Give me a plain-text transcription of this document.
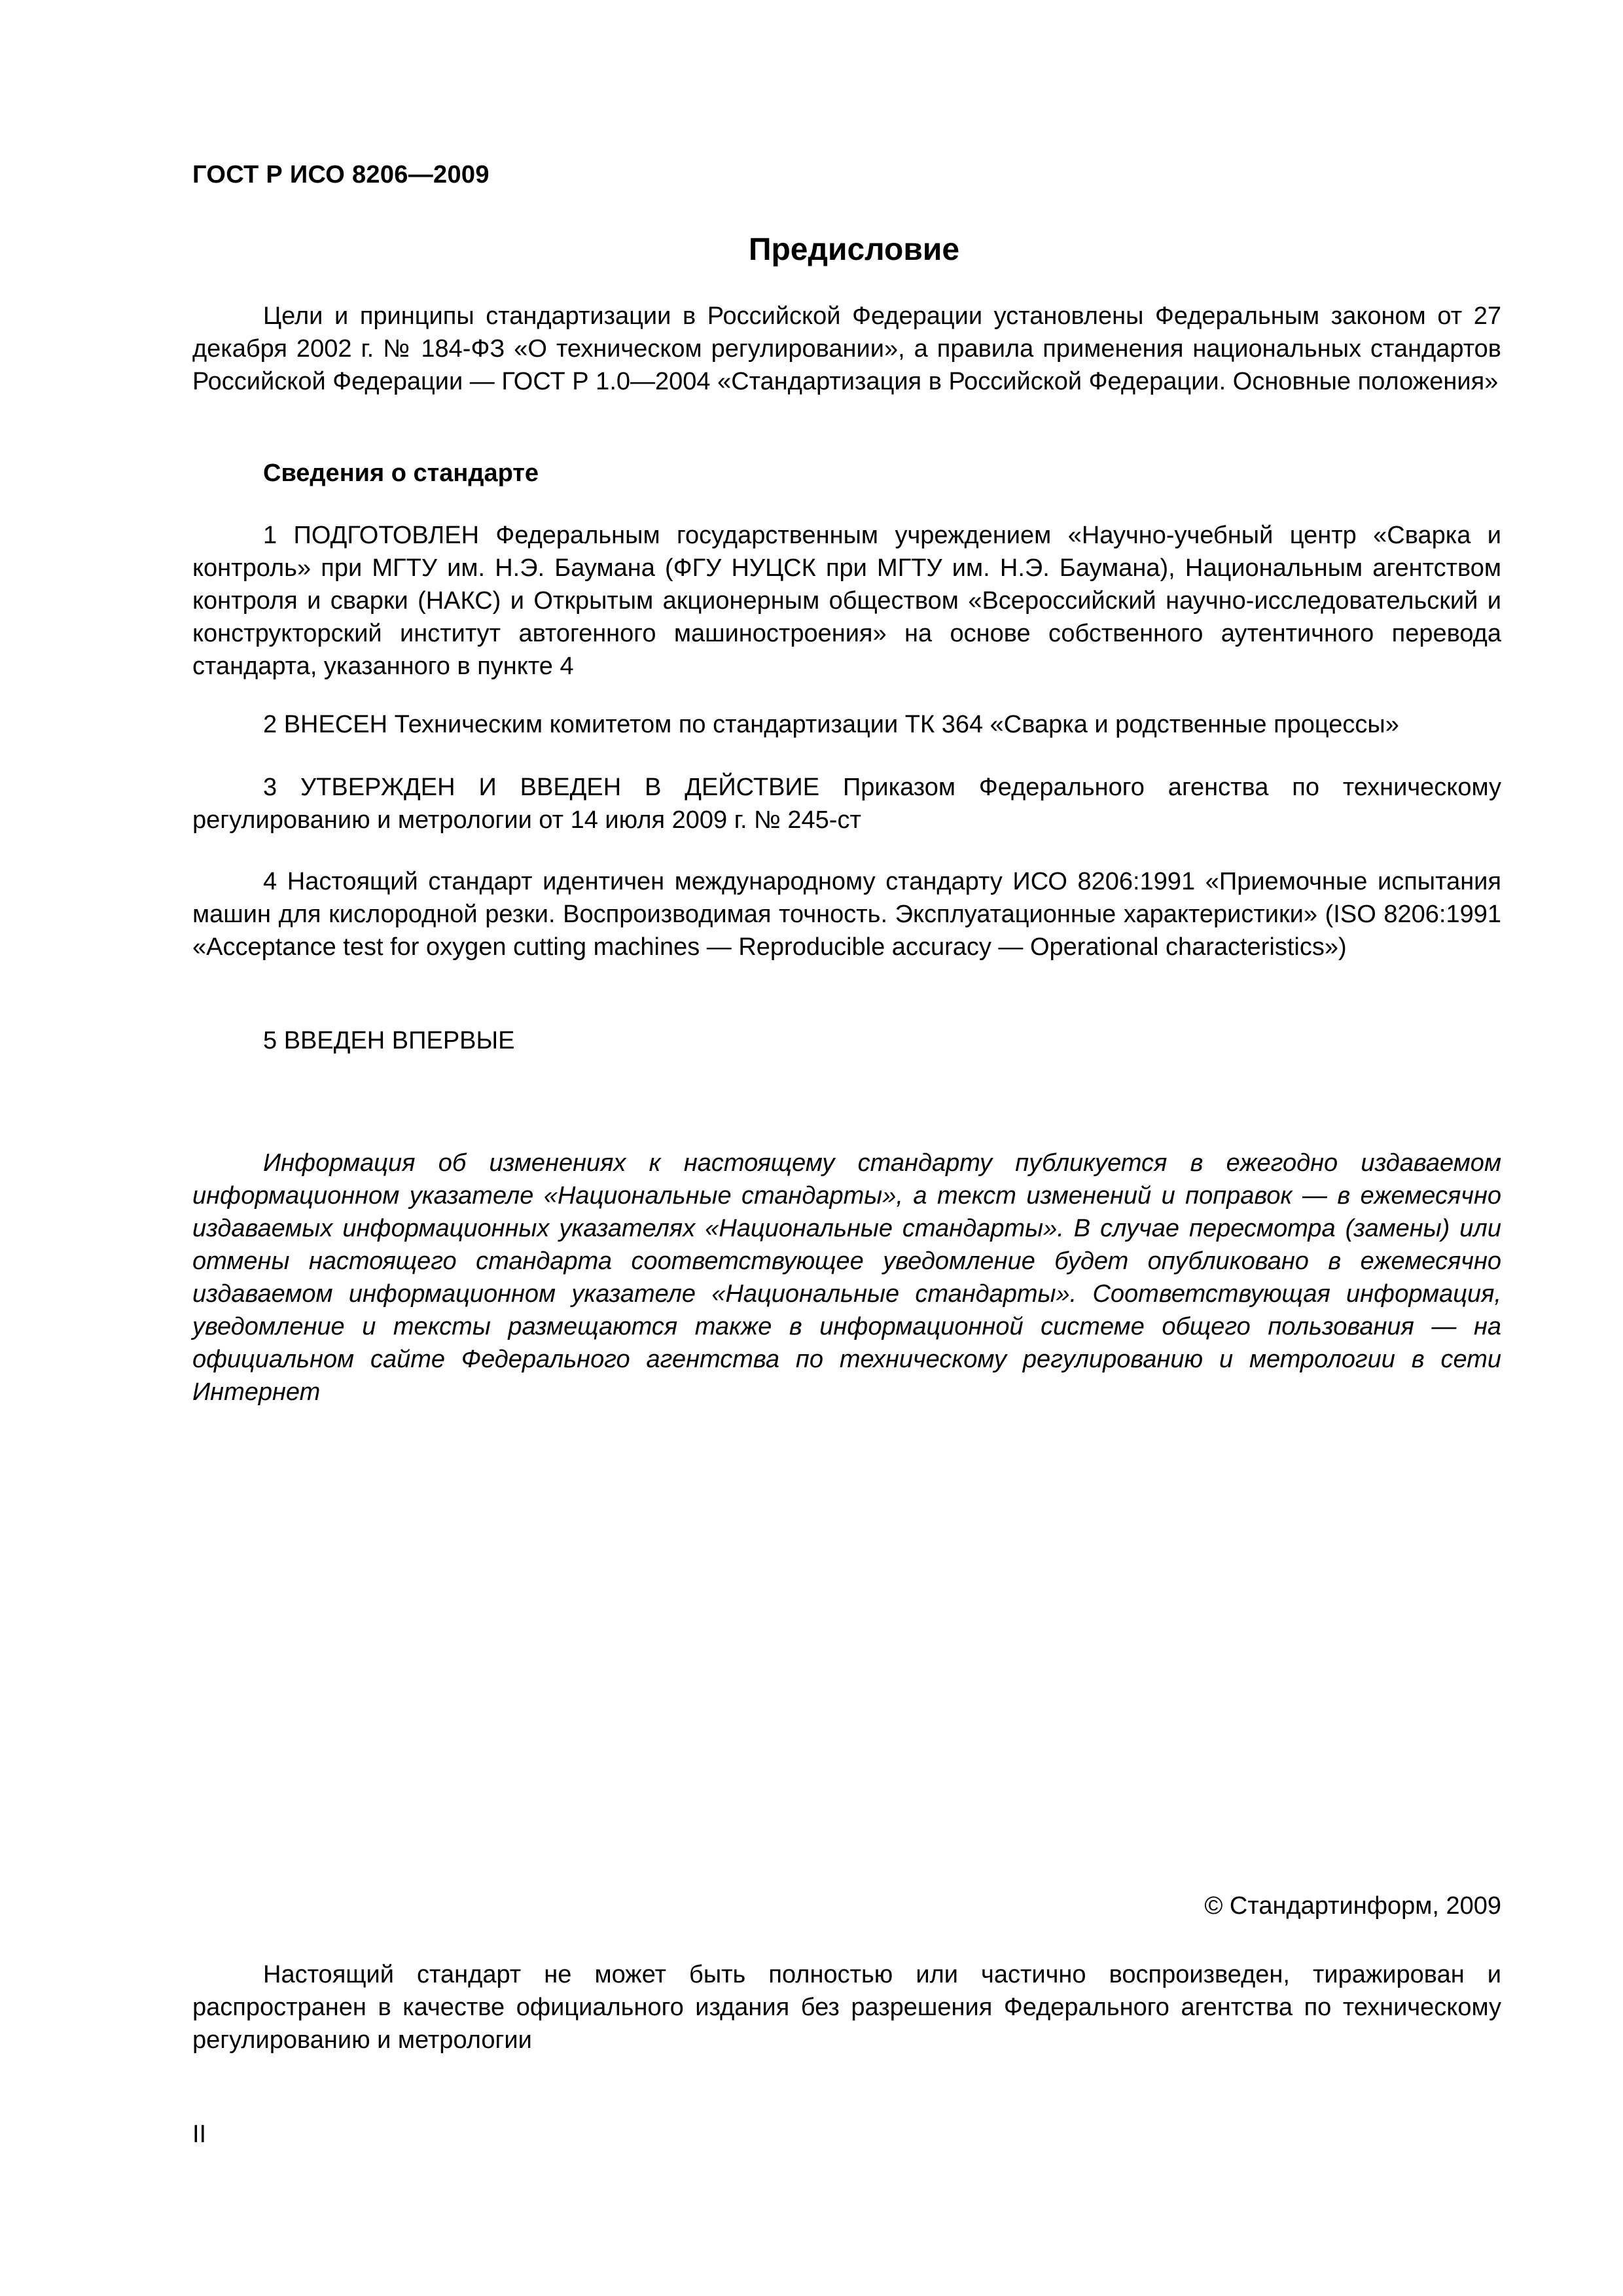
ГОСТ Р ИСО 8206—2009
Предисловие

Цели и принципы стандартизации в Российской Федерации установлены Федеральным законом от 27 декабря 2002 г. № 184-ФЗ «О техническом регулировании», а правила применения национальных стандартов Российской Федерации — ГОСТ Р 1.0—2004 «Стандартизация в Российской Федерации. Основные положения»

Сведения о стандарте

1 ПОДГОТОВЛЕН Федеральным государственным учреждением «Научно-учебный центр «Сварка и контроль» при МГТУ им. Н.Э. Баумана (ФГУ НУЦСК при МГТУ им. Н.Э. Баумана), Национальным агентством контроля и сварки (НАКС) и Открытым акционерным обществом «Всероссийский научно-исследовательский и конструкторский институт автогенного машиностроения» на основе собственного аутентичного перевода стандарта, указанного в пункте 4

2 ВНЕСЕН Техническим комитетом по стандартизации ТК 364 «Сварка и родственные процессы»

3 УТВЕРЖДЕН И ВВЕДЕН В ДЕЙСТВИЕ Приказом Федерального агенства по техническому регулированию и метрологии от 14 июля 2009 г. № 245-ст

4 Настоящий стандарт идентичен международному стандарту ИСО 8206:1991 «Приемочные испытания машин для кислородной резки. Воспроизводимая точность. Эксплуатационные характеристики» (ISO 8206:1991 «Acceptance test for oxygen cutting machines — Reproducible accuracy — Operational characteristics»)

5 ВВЕДЕН ВПЕРВЫЕ

Информация об изменениях к настоящему стандарту публикуется в ежегодно издаваемом информационном указателе «Национальные стандарты», а текст изменений и поправок — в ежемесячно издаваемых информационных указателях «Национальные стандарты». В случае пересмотра (замены) или отмены настоящего стандарта соответствующее уведомление будет опубликовано в ежемесячно издаваемом информационном указателе «Национальные стандарты». Соответствующая информация, уведомление и тексты размещаются также в информационной системе общего пользования — на официальном сайте Федерального агентства по техническому регулированию и метрологии в сети Интернет

© Стандартинформ, 2009

Настоящий стандарт не может быть полностью или частично воспроизведен, тиражирован и распространен в качестве официального издания без разрешения Федерального агентства по техническому регулированию и метрологии

II
